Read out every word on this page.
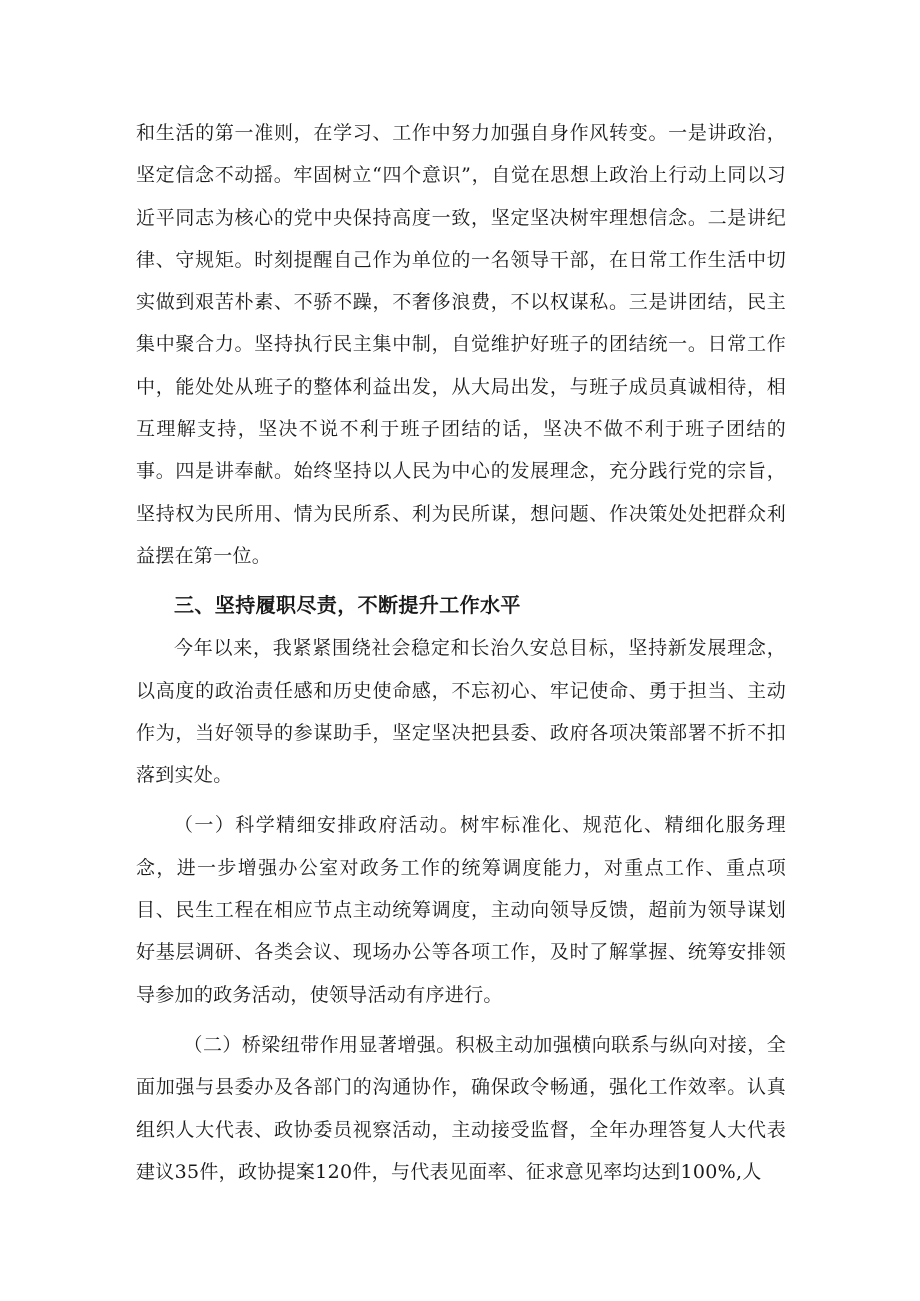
和生活的第一准则，在学习、工作中努力加强自身作风转变。一是讲政治，坚定信念不动摇。牢固树立“四个意识”，自觉在思想上政治上行动上同以习近平同志为核心的党中央保持高度一致，坚定坚决树牢理想信念。二是讲纪律、守规矩。时刻提醒自己作为单位的一名领导干部，在日常工作生活中切实做到艰苦朴素、不骄不躁，不奢侈浪费，不以权谋私。三是讲团结，民主集中聚合力。坚持执行民主集中制，自觉维护好班子的团结统一。日常工作中，能处处从班子的整体利益出发，从大局出发，与班子成员真诚相待，相互理解支持，坚决不说不利于班子团结的话，坚决不做不利于班子团结的事。四是讲奉献。始终坚持以人民为中心的发展理念，充分践行党的宗旨，坚持权为民所用、情为民所系、利为民所谋，想问题、作决策处处把群众利益摆在第一位。

三、坚持履职尽责，不断提升工作水平

今年以来，我紧紧围绕社会稳定和长治久安总目标，坚持新发展理念，以高度的政治责任感和历史使命感，不忘初心、牢记使命、勇于担当、主动作为，当好领导的参谋助手，坚定坚决把县委、政府各项决策部署不折不扣落到实处。

（一）科学精细安排政府活动。树牢标准化、规范化、精细化服务理念，进一步增强办公室对政务工作的统筹调度能力，对重点工作、重点项目、民生工程在相应节点主动统筹调度，主动向领导反馈，超前为领导谋划好基层调研、各类会议、现场办公等各项工作，及时了解掌握、统筹安排领导参加的政务活动，使领导活动有序进行。

（二）桥梁纽带作用显著增强。积极主动加强横向联系与纵向对接，全面加强与县委办及各部门的沟通协作，确保政令畅通，强化工作效率。认真组织人大代表、政协委员视察活动，主动接受监督，全年办理答复人大代表建议35件，政协提案120件，与代表见面率、征求意见率均达到100%,人
